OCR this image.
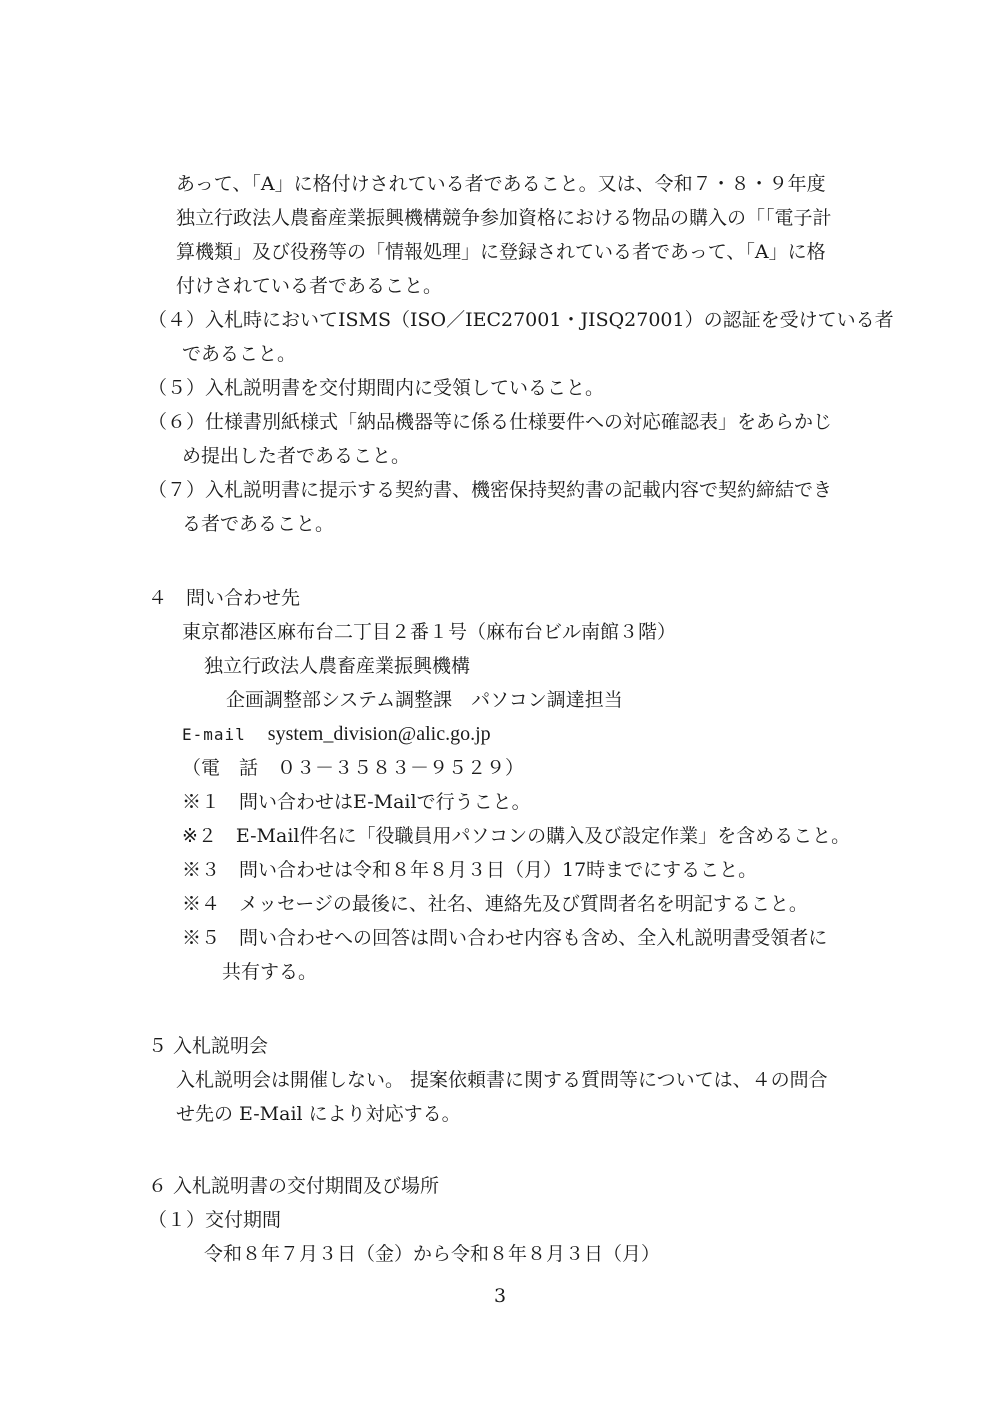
あって、「A」に格付けされている者であること。又は、令和７・８・９年度
独立行政法人農畜産業振興機構競争参加資格における物品の購入の「「電子計
算機類」及び役務等の「情報処理」に登録されている者であって、「A」に格
付けされている者であること。
（４）入札時においてISMS（ISO／IEC27001・JISQ27001）の認証を受けている者
であること。
（５）入札説明書を交付期間内に受領していること。
（６）仕様書別紙様式「納品機器等に係る仕様要件への対応確認表」をあらかじ
め提出した者であること。
（７）入札説明書に提示する契約書、機密保持契約書の記載内容で契約締結でき
る者であること。
４　問い合わせ先
東京都港区麻布台二丁目２番１号（麻布台ビル南館３階）
独立行政法人農畜産業振興機構
企画調整部システム調整課　パソコン調達担当
E-mail system_division@alic.go.jp
（電　話　０３－３５８３－９５２９）
※１　問い合わせはE-Mailで行うこと。
※２　E-Mail件名に「役職員用パソコンの購入及び設定作業」を含めること。
※３　問い合わせは令和８年８月３日（月）17時までにすること。
※４　メッセージの最後に、社名、連絡先及び質問者名を明記すること。
※５　問い合わせへの回答は問い合わせ内容も含め、全入札説明書受領者に
共有する。
５ 入札説明会
入札説明会は開催しない。 提案依頼書に関する質問等については、４の問合
せ先の E-Mail により対応する。
６ 入札説明書の交付期間及び場所
（１）交付期間
令和８年７月３日（金）から令和８年８月３日（月）
3
